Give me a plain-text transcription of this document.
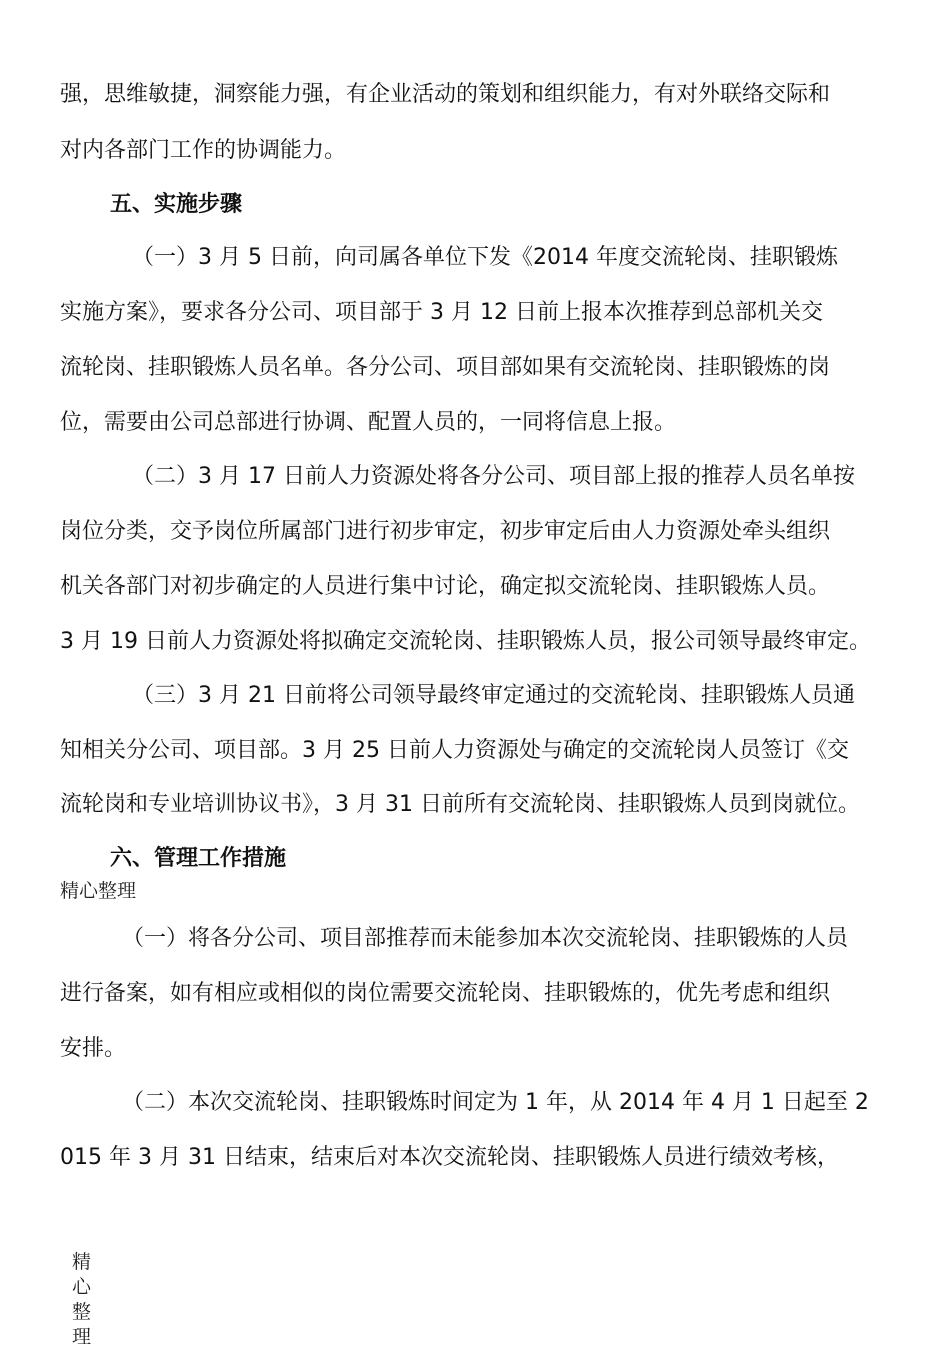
强，思维敏捷，洞察能力强，有企业活动的策划和组织能力，有对外联络交际和
对内各部门工作的协调能力。
五、实施步骤
（一）3 月 5 日前，向司属各单位下发《2014 年度交流轮岗、挂职锻炼
实施方案》，要求各分公司、项目部于 3 月 12 日前上报本次推荐到总部机关交
流轮岗、挂职锻炼人员名单。各分公司、项目部如果有交流轮岗、挂职锻炼的岗
位，需要由公司总部进行协调、配置人员的，一同将信息上报。
（二）3 月 17 日前人力资源处将各分公司、项目部上报的推荐人员名单按
岗位分类，交予岗位所属部门进行初步审定，初步审定后由人力资源处牵头组织
机关各部门对初步确定的人员进行集中讨论，确定拟交流轮岗、挂职锻炼人员。
3 月 19 日前人力资源处将拟确定交流轮岗、挂职锻炼人员，报公司领导最终审定。
（三）3 月 21 日前将公司领导最终审定通过的交流轮岗、挂职锻炼人员通
知相关分公司、项目部。3 月 25 日前人力资源处与确定的交流轮岗人员签订《交
流轮岗和专业培训协议书》，3 月 31 日前所有交流轮岗、挂职锻炼人员到岗就位。
六、管理工作措施
精心整理
（一）将各分公司、项目部推荐而未能参加本次交流轮岗、挂职锻炼的人员
进行备案，如有相应或相似的岗位需要交流轮岗、挂职锻炼的，优先考虑和组织
安排。
（二）本次交流轮岗、挂职锻炼时间定为 1 年，从 2014 年 4 月 1 日起至 2
015 年 3 月 31 日结束，结束后对本次交流轮岗、挂职锻炼人员进行绩效考核，
精心整理
